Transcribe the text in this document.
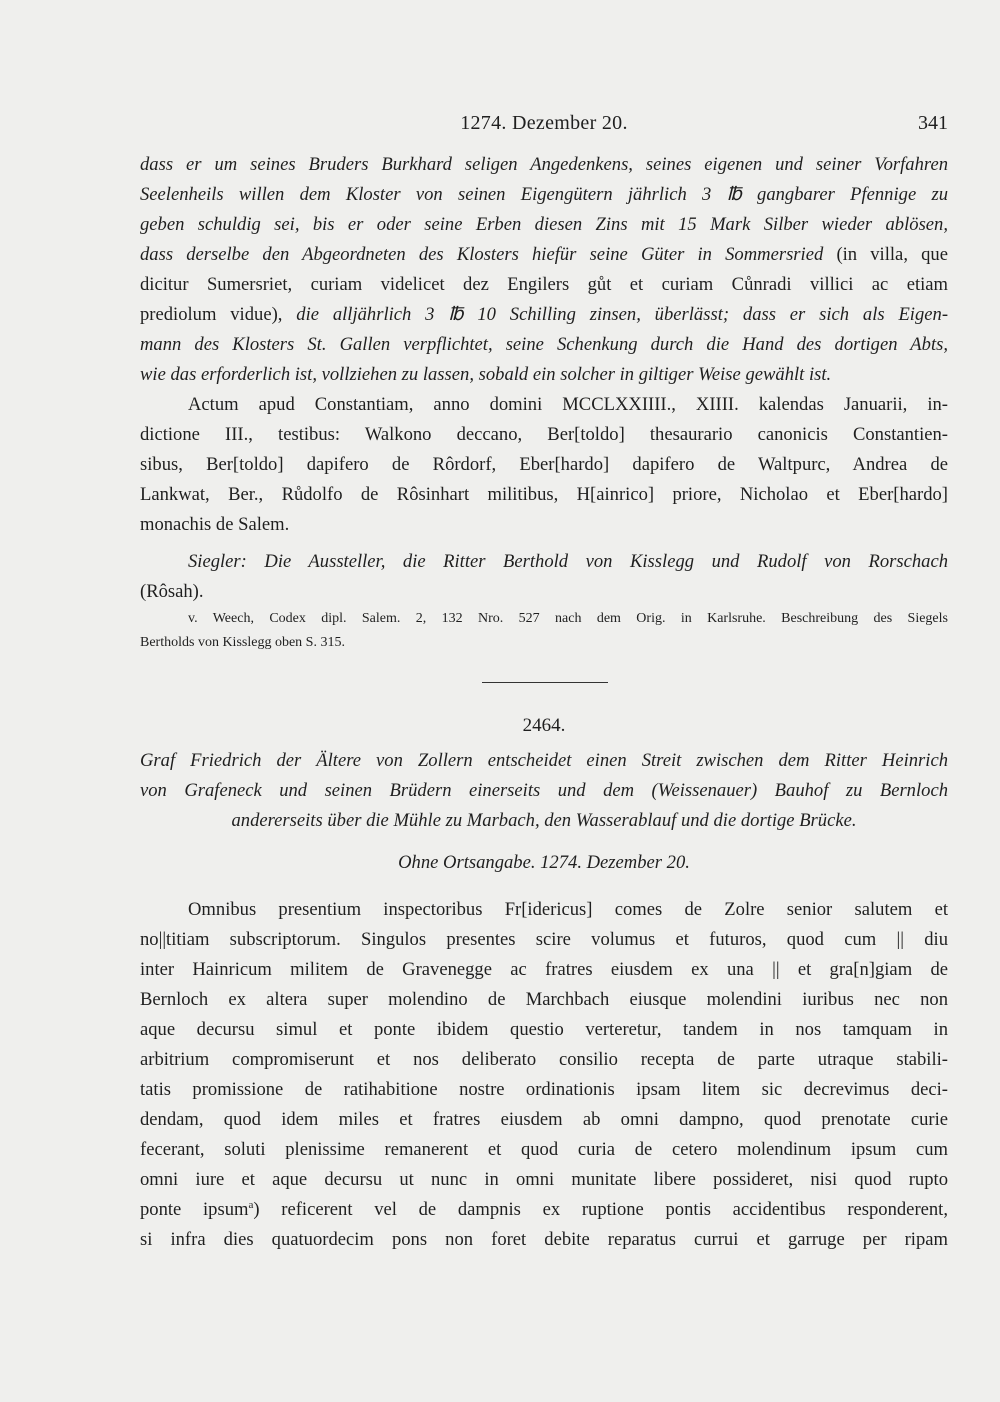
1274. Dezember 20.	341
dass er um seines Bruders Burkhard seligen Angedenkens, seines eigenen und seiner Vorfahren
Seelenheils willen dem Kloster von seinen Eigengütern jährlich 3 ℔ gangbarer Pfennige zu
geben schuldig sei, bis er oder seine Erben diesen Zins mit 15 Mark Silber wieder ablösen,
dass derselbe den Abgeordneten des Klosters hiefür seine Güter in Sommersried (in villa, que
dicitur Sumersriet, curiam videlicet dez Engilers gůt et curiam Cůnradi villici ac etiam
prediolum vidue), die alljährlich 3 ℔ 10 Schilling zinsen, überlässt; dass er sich als Eigen-
mann des Klosters St. Gallen verpflichtet, seine Schenkung durch die Hand des dortigen Abts,
wie das erforderlich ist, vollziehen zu lassen, sobald ein solcher in giltiger Weise gewählt ist.
Actum apud Constantiam, anno domini MCCLXXIIII., XIIII. kalendas Januarii, in-
dictione III., testibus: Walkono deccano, Ber[toldo] thesaurario canonicis Constantien-
sibus, Ber[toldo] dapifero de Rôrdorf, Eber[hardo] dapifero de Waltpurc, Andrea de
Lankwat, Ber., Růdolfo de Rôsinhart militibus, H[ainrico] priore, Nicholao et Eber[hardo]
monachis de Salem.
Siegler: Die Aussteller, die Ritter Berthold von Kisslegg und Rudolf von Rorschach
(Rôsah).
v. Weech, Codex dipl. Salem. 2, 132 Nro. 527 nach dem Orig. in Karlsruhe. Beschreibung des Siegels
Bertholds von Kisslegg oben S. 315.
2464.
Graf Friedrich der Ältere von Zollern entscheidet einen Streit zwischen dem Ritter Heinrich
von Grafeneck und seinen Brüdern einerseits und dem (Weissenauer) Bauhof zu Bernloch
andererseits über die Mühle zu Marbach, den Wasserablauf und die dortige Brücke.
Ohne Ortsangabe. 1274. Dezember 20.
Omnibus presentium inspectoribus Fr[idericus] comes de Zolre senior salutem et
no||titiam subscriptorum. Singulos presentes scire volumus et futuros, quod cum || diu
inter Hainricum militem de Gravenegge ac fratres eiusdem ex una || et gra[n]giam de
Bernloch ex altera super molendino de Marchbach eiusque molendini iuribus nec non
aque decursu simul et ponte ibidem questio verteretur, tandem in nos tamquam in
arbitrium compromiserunt et nos deliberato consilio recepta de parte utraque stabili-
tatis promissione de ratihabitione nostre ordinationis ipsam litem sic decrevimus deci-
dendam, quod idem miles et fratres eiusdem ab omni dampno, quod prenotate curie
fecerant, soluti plenissime remanerent et quod curia de cetero molendinum ipsum cum
omni iure et aque decursu ut nunc in omni munitate libere possideret, nisi quod rupto
ponte ipsum$^a$) reficerent vel de dampnis ex ruptione pontis accidentibus responderent,
si infra dies quatuordecim pons non foret debite reparatus currui et garruge per ripam
